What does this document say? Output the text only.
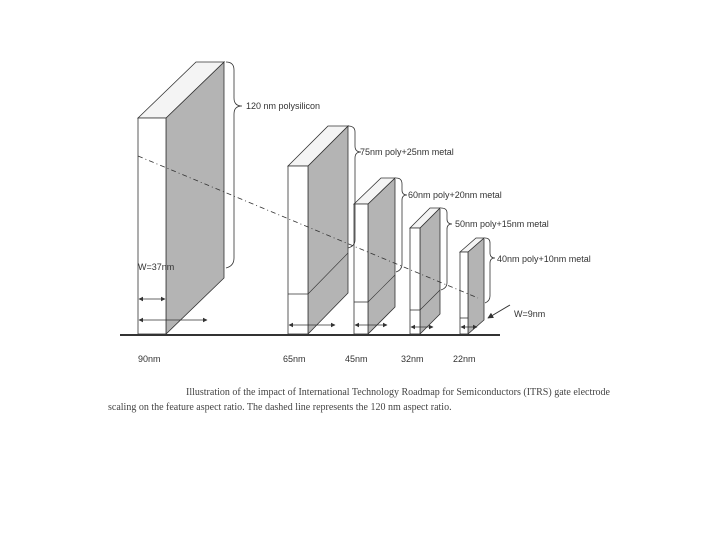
120 nm polysilicon
75nm poly+25nm metal
60nm poly+20nm metal
50nm poly+15nm metal
40nm poly+10nm metal
W=37nm
W=9nm
90nm	65nm	45nm	32nm	22nm
Illustration of the impact of International Technology Roadmap for Semiconductors (ITRS) gate electrode scaling on the feature aspect ratio. The dashed line represents the 120 nm aspect ratio.
